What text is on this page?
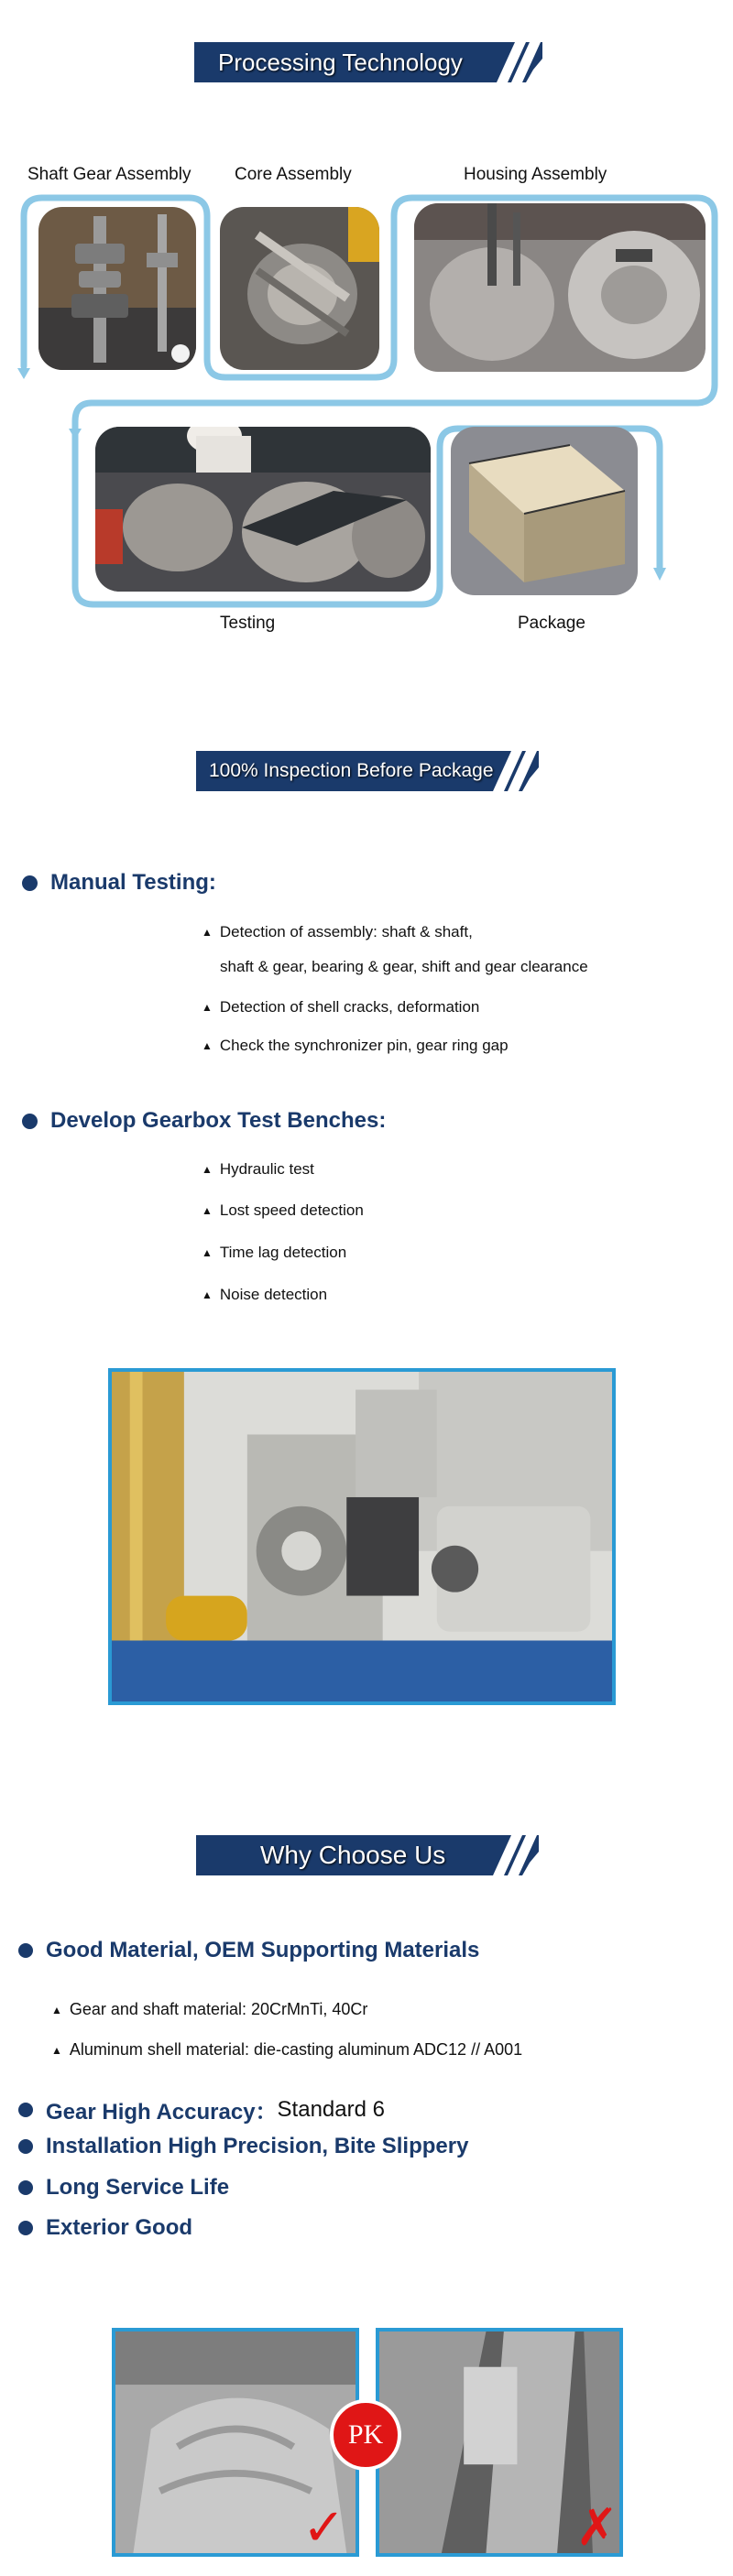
Processing Technology
Shaft Gear Assembly	Core Assembly	Housing Assembly
Testing	Package
100% Inspection Before Package
Manual Testing:
▲ Detection of assembly: shaft & shaft,
shaft & gear, bearing & gear, shift and gear clearance
▲ Detection of shell cracks, deformation
▲ Check the synchronizer pin, gear ring gap
Develop Gearbox Test Benches:
▲ Hydraulic test
▲ Lost speed detection
▲ Time lag detection
▲ Noise detection
Why Choose Us
Good Material, OEM Supporting Materials
▲ Gear and shaft material: 20CrMnTi, 40Cr
▲ Aluminum shell material: die-casting aluminum ADC12 // A001
Gear High Accuracy： Standard 6
Installation High Precision, Bite Slippery
Long Service Life
Exterior Good
PK
✓	✗
